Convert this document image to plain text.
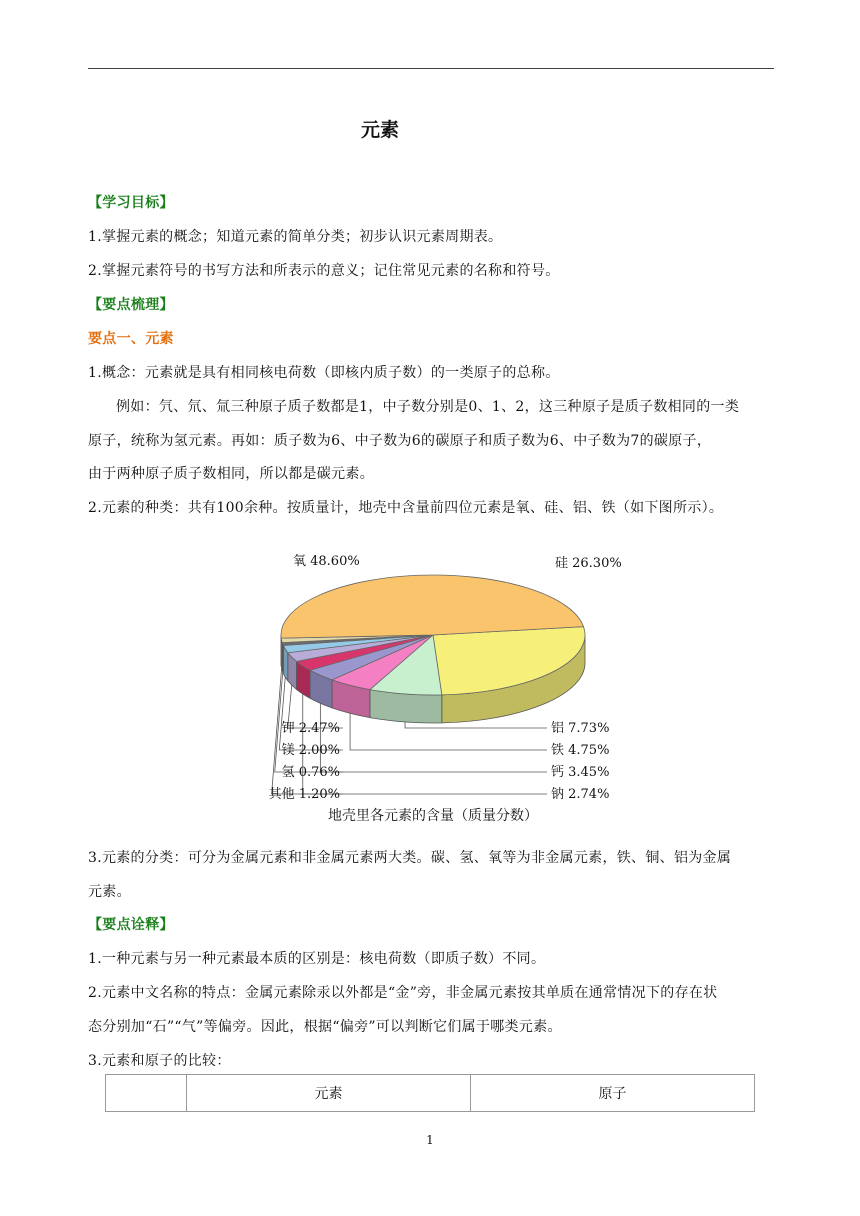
元素
【学习目标】
1.掌握元素的概念；知道元素的简单分类；初步认识元素周期表。
2.掌握元素符号的书写方法和所表示的意义；记住常见元素的名称和符号。
【要点梳理】
要点一、元素
1.概念：元素就是具有相同核电荷数（即核内质子数）的一类原子的总称。
例如：氕、氘、氚三种原子质子数都是1，中子数分别是0、1、2，这三种原子是质子数相同的一类
原子，统称为氢元素。再如：质子数为6、中子数为6的碳原子和质子数为6、中子数为7的碳原子，
由于两种原子质子数相同，所以都是碳元素。
2.元素的种类：共有100余种。按质量计，地壳中含量前四位元素是氧、硅、铝、铁（如下图所示）。
氧 48.60%	硅 26.30%
铝 7.73%
铁 4.75%
钙 3.45%
钠 2.74%
钾 2.47%
镁 2.00%
氢 0.76%
其他 1.20%
地壳里各元素的含量（质量分数）
3.元素的分类：可分为金属元素和非金属元素两大类。碳、氢、氧等为非金属元素，铁、铜、铝为金属
元素。
【要点诠释】
1.一种元素与另一种元素最本质的区别是：核电荷数（即质子数）不同。
2.元素中文名称的特点：金属元素除汞以外都是“金”旁，非金属元素按其单质在通常情况下的存在状
态分别加“石”“气”等偏旁。因此，根据“偏旁”可以判断它们属于哪类元素。
3.元素和原子的比较：
	元素	原子
1
